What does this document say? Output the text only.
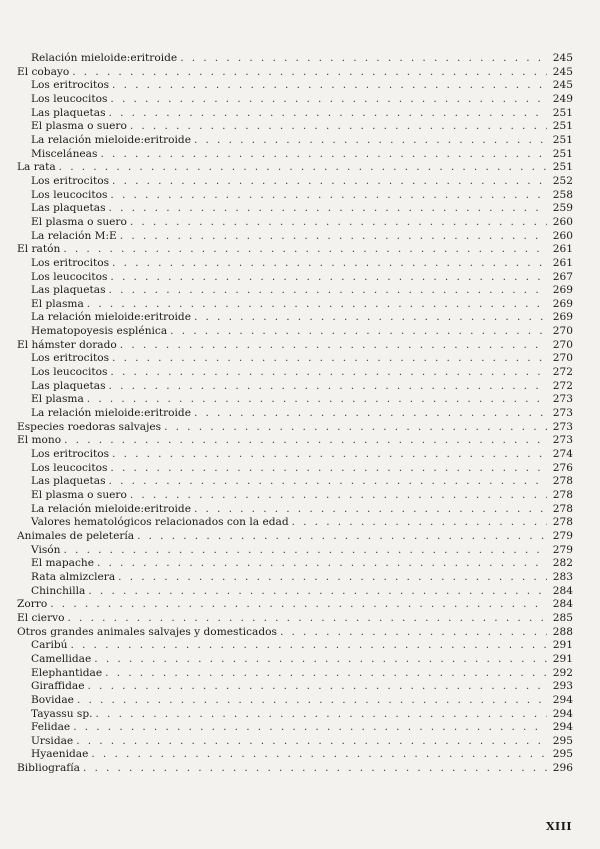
Relación mieloide:eritroide . . .	245
El cobayo . . .	245
Los eritrocitos . . .	245
Los leucocitos . . .	249
Las plaquetas . . .	251
El plasma o suero . . .	251
La relación mieloide:eritroide . . .	251
Misceláneas . . .	251
La rata . . .	251
Los eritrocitos . . .	252
Los leucocitos . . .	258
Las plaquetas . . .	259
El plasma o suero . . .	260
La relación M:E . . .	260
El ratón . . .	261
Los eritrocitos . . .	261
Los leucocitos . . .	267
Las plaquetas . . .	269
El plasma . . .	269
La relación mieloide:eritroide . . .	269
Hematopoyesis esplénica . . .	270
El hámster dorado . . .	270
Los eritrocitos . . .	270
Los leucocitos . . .	272
Las plaquetas . . .	272
El plasma . . .	273
La relación mieloide:eritroide . . .	273
Especies roedoras salvajes . . .	273
El mono . . .	273
Los eritrocitos . . .	274
Los leucocitos . . .	276
Las plaquetas . . .	278
El plasma o suero . . .	278
La relación mieloide:eritroide . . .	278
Valores hematológicos relacionados con la edad . . .	278
Animales de peletería . . .	279
Visón . . .	279
El mapache . . .	282
Rata almizclera . . .	283
Chinchilla . . .	284
Zorro . . .	284
El ciervo . . .	285
Otros grandes animales salvajes y domesticados . . .	288
Caribú . . .	291
Camellidae . . .	291
Elephantidae . . .	292
Giraffidae . . .	293
Bovidae . . .	294
Tayassu sp. . . .	294
Felidae . . .	294
Ursidae . . .	295
Hyaenidae . . .	295
Bibliografía . . .	296
XIII
